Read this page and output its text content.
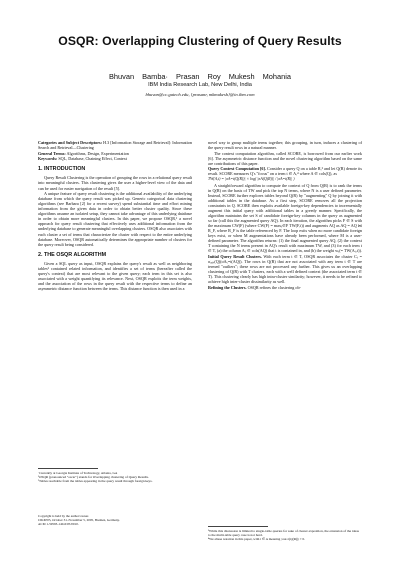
OSQR: Overlapping Clustering of Query Results
Bhuvan Bamba· Prasan Roy Mukesh Mohania
IBM India Research Lab, New Delhi, India
bhuvan@cc.gatech.edu, {prasanr, mkmukesh}@in.ibm.com

Categories and Subject Descriptors: H.3 [Information Storage and Retrieval]: Information Search and Retrieval—Clustering

General Terms: Algorithms, Design, Experimentation

Keywords: SQL, Database, Chaining Effect, Context

1. INTRODUCTION

Query Result Clustering is the operation of grouping the rows in a relational query result into meaningful clusters. This clustering gives the user a higher-level view of the data and can be used for easier navigation of the result [5].

A unique feature of query result clustering is the additional availability of the underlying database from which the query result was picked up. Generic categorical data clustering algorithms (see Barbara [2] for a recent survey) spend substantial time and effort mining information from the given data in order to obtain better cluster quality. Since these algorithms assume an isolated setup, they cannot take advantage of this underlying database in order to obtain more meaningful clusters. In this paper, we propose OSQR,¹ a novel approach for query result clustering that effectively uses additional information from the underlying database to generate meaningful overlapping clusters. OSQR also associates with each cluster a set of terms that characterize the cluster with respect to the entire underlying database. Moreover, OSQR automatically determines the appropriate number of clusters for the query result being considered.

2. THE OSQR ALGORITHM

Given a SQL query as input, OSQR explains the query's result as well as neighboring tables² contained related information, and identifies a set of terms (hereafter called the query's context) that are most relevant to the given query; each term in this set is also associated with a weight quantifying its relevance. Next, OSQR exploits the term weights, and the association of the rows in the query result with the respective terms to define an asymmetric distance function between the terms. This distance function is then used in a

·Currently at Georgia Institute of Technology, Atlanta, GA
¹OSQR (pronounced "oscar") stands for Overlapping clustering of Query Results.
²Tables reachable from the tables appearing in the query result through foreign keys.
Copyright is held by the author/owner.
CIKM'05, October 31–November 5, 2005, Bremen, Germany.
ACM 1-59593-140-6/05/0010.

novel way to group multiple terms together; this grouping, in turn, induces a clustering of the query result rows in a natural manner.

The context computation algorithm, called SCORE, is borrowed from our earlier work [6]. The asymmetric distance function and the novel clustering algorithm based on the same are contributions of this paper.

Query Context Computation [6]. Consider a query Q on a table R,³ and let Q(R) denote its result. SCORE measures Q's "focus" on a term t ∈ A,⁴ where A ∈ cols(Q), as

TW(A,t) = |σA=t(Q(R))| × log( |πA(Q(R))| / |σA=t(R)| )

A straightforward algorithm to compute the context of Q from Q(R) is to rank the terms in Q(R) on the basis of TW and pick the top N terms, where N is a user defined parameter. Instead, SCORE further explores tables beyond Q(R) by "augmenting" Q by joining it with additional tables in the database. As a first step, SCORE removes all the projection constraints in Q. SCORE then exploits available foreign-key dependencies to incrementally augment this initial query with additional tables in a greedy manner. Specifically, the algorithm maintains the set S of candidate foreign-key columns in the query as augmented so far (call this the augmented query AQ). In each iteration, the algorithm picks F ∈ S with the maximum CW(F) (where CW(F) = maxₜ∈F TW(F,t)) and augments AQ as AQ = AQ ⋈ R_F, where R_F is the table referenced by F. The loop exits when no more candidate foreign keys exist, or when M augmentations have already been performed, where M is a user-defined parameter. The algorithm returns: (1) the final augmented query AQ, (2) the context T containing the N terms present in AQ's result with maximum TW, and (3) for each term t ∈ T, (a) the column Aₜ ∈ cols(AQ) that t is contained in, and (b) the weight wₜ(= TW(Aₜ,t)).

Initial Query Result Clusters. With each term t ∈ T, OSQR associates the cluster Cₜ = σₐₓₖ(Q)(σAₜ=t(AQ)). The rows in Q(R) that are not associated with any term t ∈ T are termed "outliers"; these rows are not processed any further. This gives us an overlapping clustering of Q(R) with T clusters, each with a well defined context (the associated term t ∈ T). This clustering clearly has high intra-cluster similarity; however, it needs to be refined to achieve high inter-cluster dissimilarity as well.

Refining the Clusters. OSQR refines the clustering ob-

³While this discussion is limited to single-table queries for sake of clearer exposition, the extension of the ideas to the multi-table query case is not hard.
⁴We abuse notation in this paper, with t ∈ A meaning |σA=t(Q(R))| > 0.
